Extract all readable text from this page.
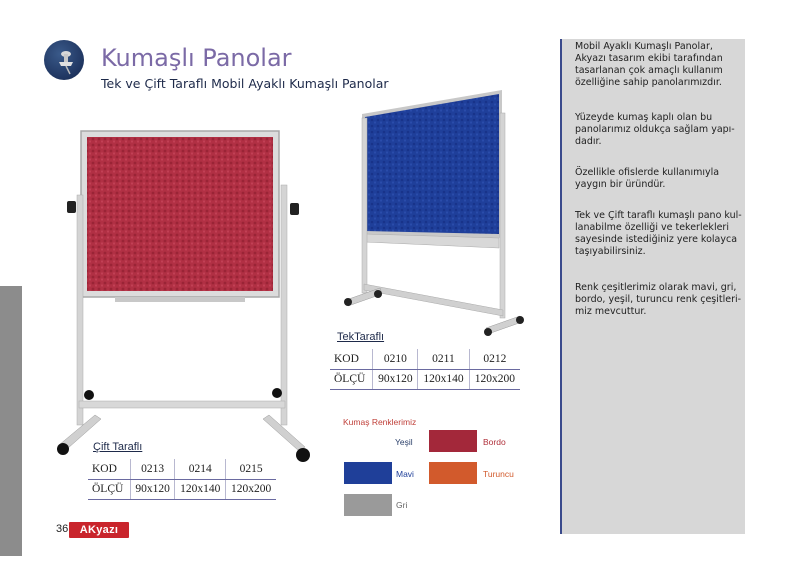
Kumaşlı Panolar
Tek ve Çift Taraflı Mobil Ayaklı Kumaşlı Panolar
TekTaraflı
KOD	0210	0211	0212
ÖLÇÜ	90x120	120x140	120x200
Çift Taraflı
KOD	0213	0214	0215
ÖLÇÜ	90x120	120x140	120x200
Kumaş Renklerimiz
Yeşil	Bordo
Mavi	Turuncu
Gri
Mobil Ayaklı Kumaşlı Panolar, Akyazı tasarım ekibi tarafından tasarlanan çok amaçlı kullanım özelliğine sahip panolarımızdır.
Yüzeyde kumaş kaplı olan bu panolarımız oldukça sağlam yapı-dadır.
Özellikle ofislerde kullanımıyla yaygın bir üründür.
Tek ve Çift taraflı kumaşlı pano kul-lanabilme özelliği ve tekerlekleri sayesinde istediğiniz yere kolayca taşıyabilirsiniz.
Renk çeşitlerimiz olarak mavi, gri, bordo, yeşil, turuncu renk çeşitleri-miz mevcuttur.
36	AKyazı
